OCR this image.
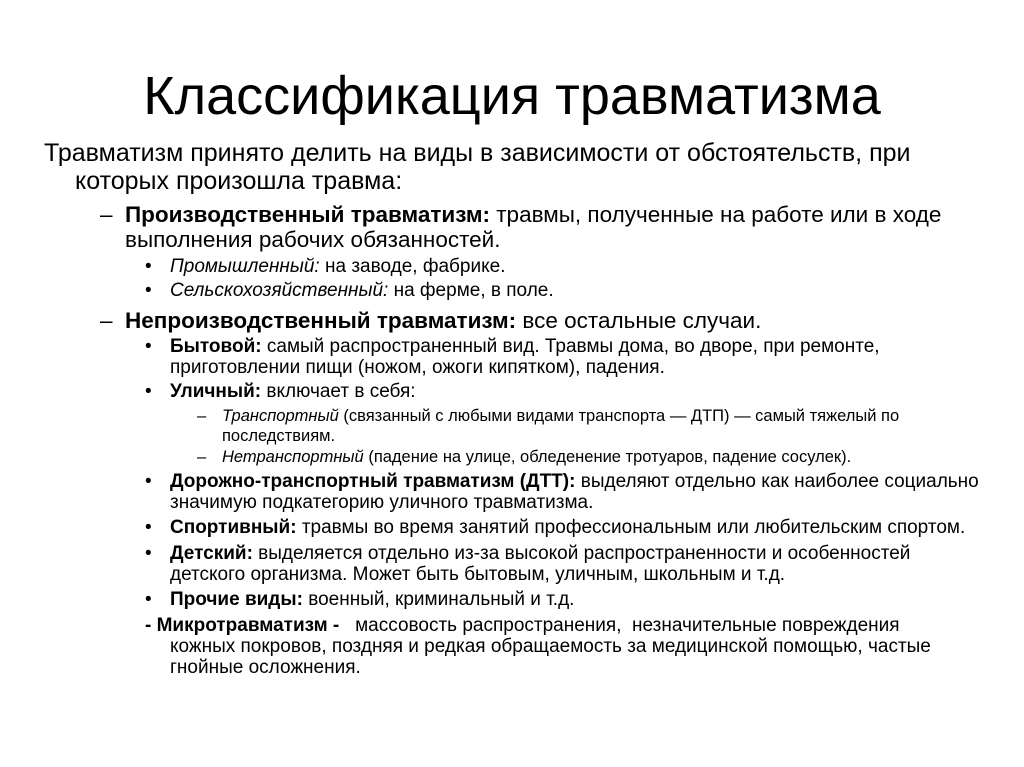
Классификация травматизма
Травматизм принято делить на виды в зависимости от обстоятельств, при
которых произошла травма:
– Производственный травматизм: травмы, полученные на работе или в ходе
выполнения рабочих обязанностей.
• Промышленный: на заводе, фабрике.
• Сельскохозяйственный: на ферме, в поле.
– Непроизводственный травматизм: все остальные случаи.
• Бытовой: самый распространенный вид. Травмы дома, во дворе, при ремонте,
приготовлении пищи (ножом, ожоги кипятком), падения.
• Уличный: включает в себя:
– Транспортный (связанный с любыми видами транспорта — ДТП) — самый тяжелый по
последствиям.
– Нетранспортный (падение на улице, обледенение тротуаров, падение сосулек).
• Дорожно-транспортный травматизм (ДТТ): выделяют отдельно как наиболее социально
значимую подкатегорию уличного травматизма.
• Спортивный: травмы во время занятий профессиональным или любительским спортом.
• Детский: выделяется отдельно из-за высокой распространенности и особенностей
детского организма. Может быть бытовым, уличным, школьным и т.д.
• Прочие виды: военный, криминальный и т.д.
- Микротравматизм -   массовость распространения,  незначительные повреждения
кожных покровов, поздняя и редкая обращаемость за медицинской помощью, частые
гнойные осложнения.
